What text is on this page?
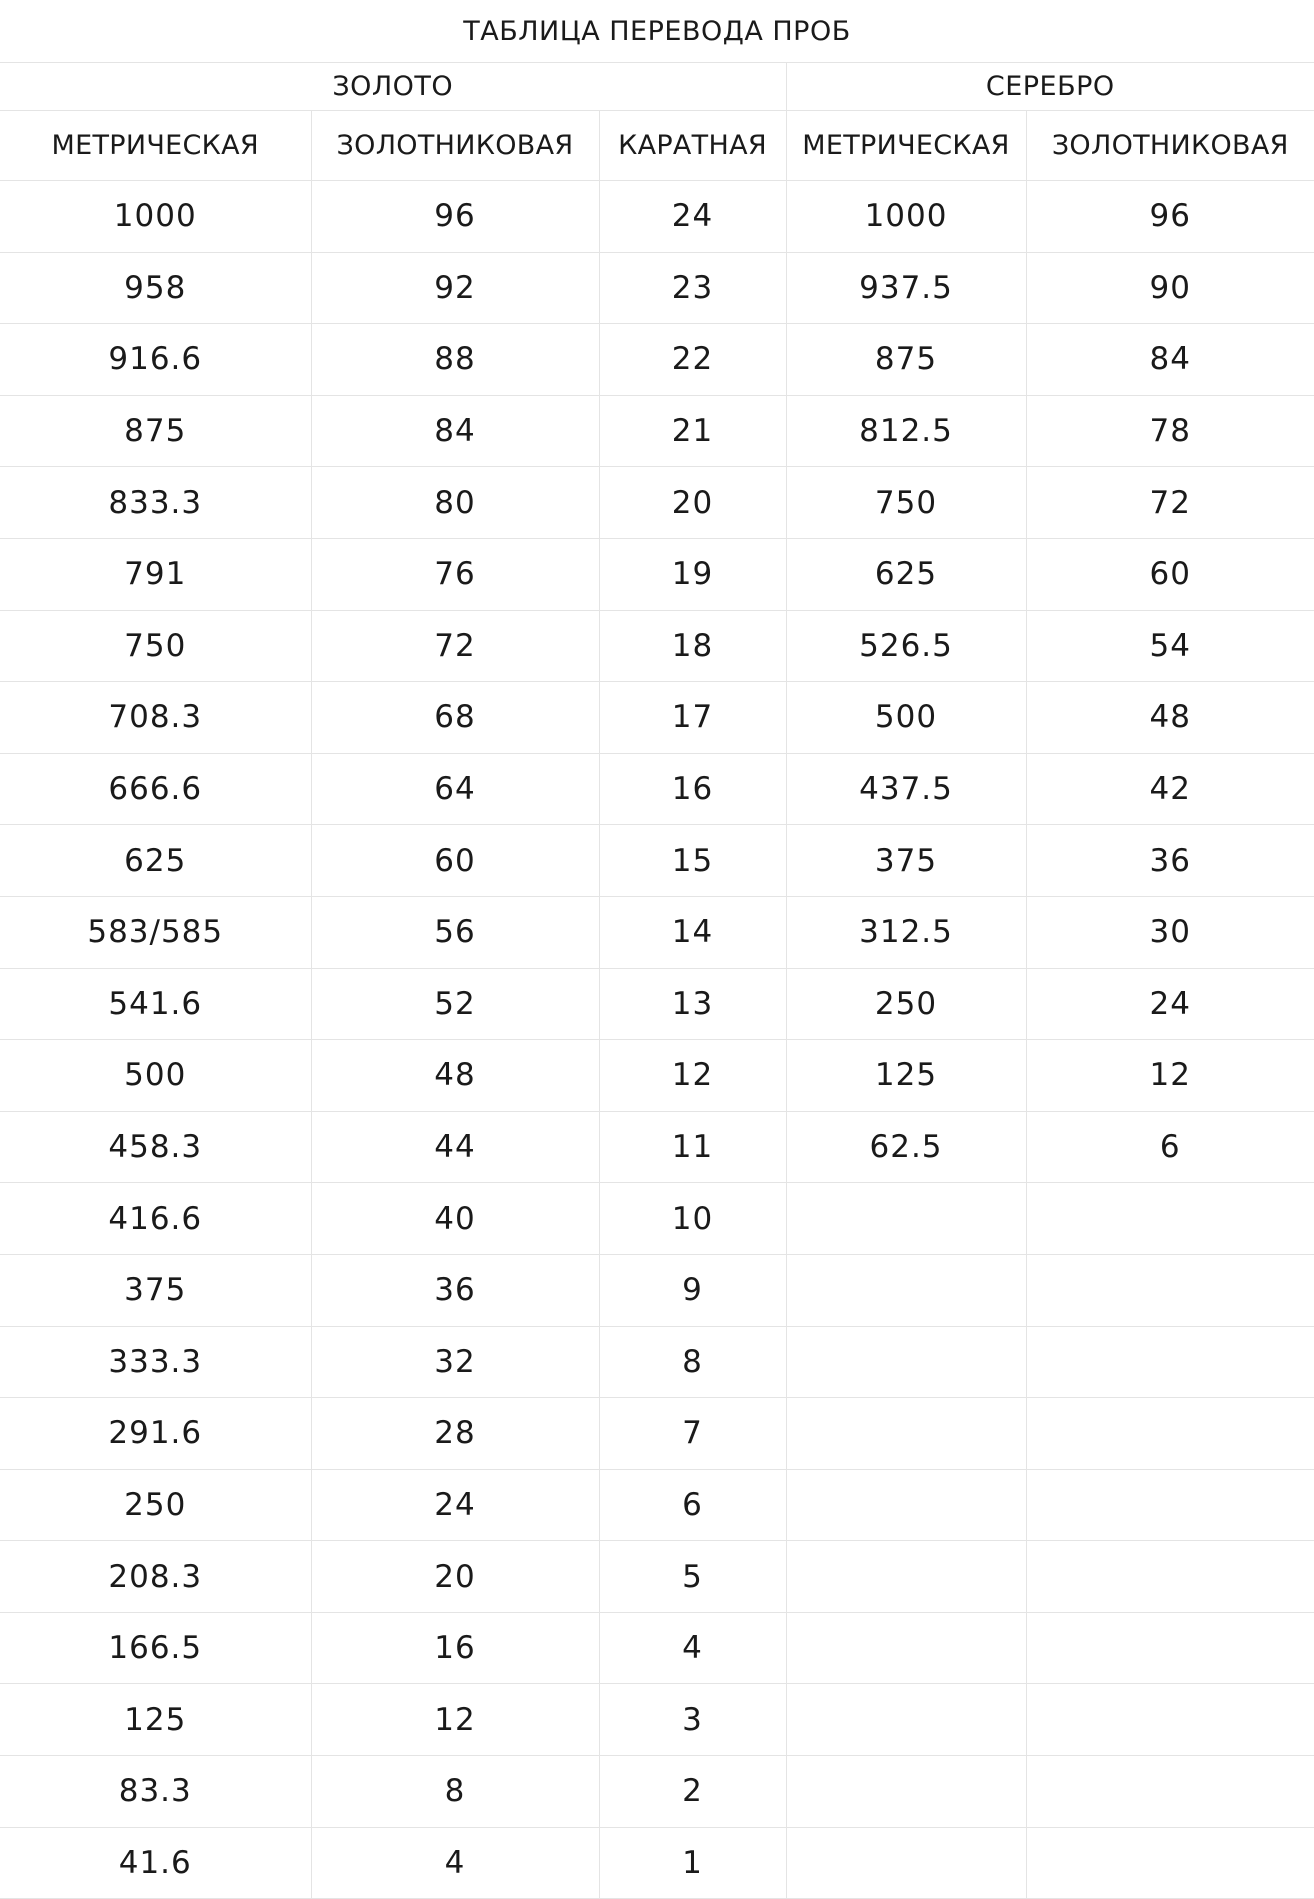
ТАБЛИЦА ПЕРЕВОДА ПРОБ
ЗОЛОТО			СЕРЕБРО	
МЕТРИЧЕСКАЯ	ЗОЛОТНИКОВАЯ	КАРАТНАЯ	МЕТРИЧЕСКАЯ	ЗОЛОТНИКОВАЯ
1000	96	24	1000	96
958	92	23	937.5	90
916.6	88	22	875	84
875	84	21	812.5	78
833.3	80	20	750	72
791	76	19	625	60
750	72	18	526.5	54
708.3	68	17	500	48
666.6	64	16	437.5	42
625	60	15	375	36
583/585	56	14	312.5	30
541.6	52	13	250	24
500	48	12	125	12
458.3	44	11	62.5	6
416.6	40	10		
375	36	9		
333.3	32	8		
291.6	28	7		
250	24	6		
208.3	20	5		
166.5	16	4		
125	12	3		
83.3	8	2		
41.6	4	1		
